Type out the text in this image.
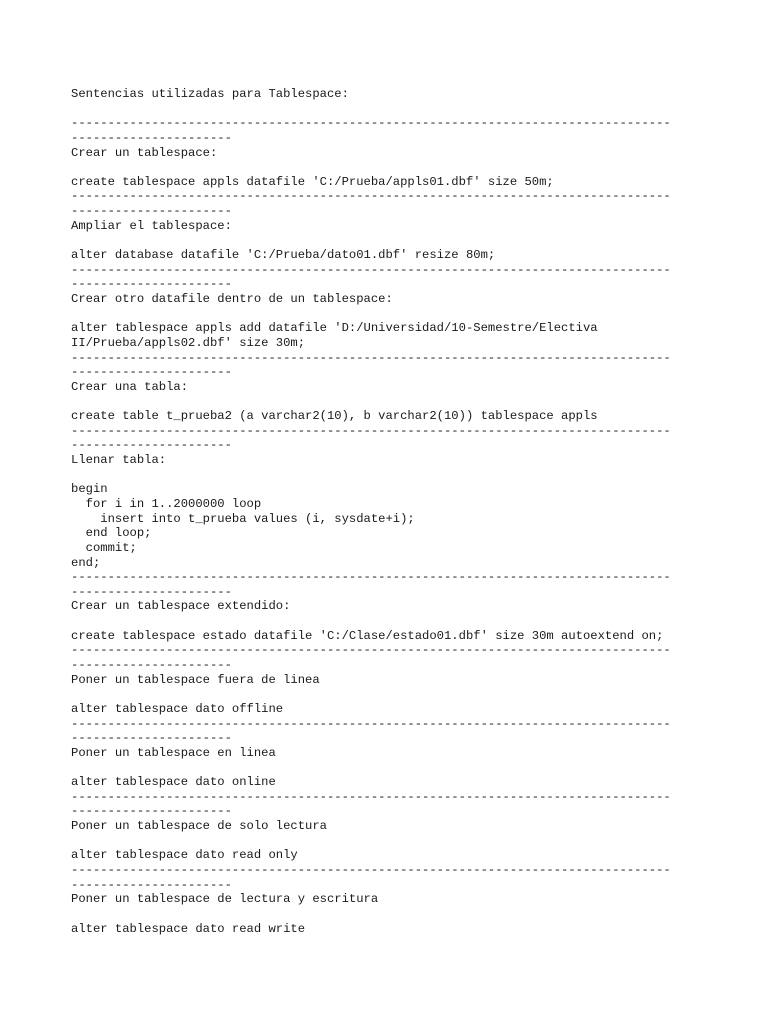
Sentencias utilizadas para Tablespace:
----------------------------------------------------------------------------------
----------------------
Crear un tablespace:
create tablespace appls datafile 'C:/Prueba/appls01.dbf' size 50m;
----------------------------------------------------------------------------------
----------------------
Ampliar el tablespace:
alter database datafile 'C:/Prueba/dato01.dbf' resize 80m;
----------------------------------------------------------------------------------
----------------------
Crear otro datafile dentro de un tablespace:
alter tablespace appls add datafile 'D:/Universidad/10-Semestre/Electiva
II/Prueba/appls02.dbf' size 30m;
----------------------------------------------------------------------------------
----------------------
Crear una tabla:
create table t_prueba2 (a varchar2(10), b varchar2(10)) tablespace appls
----------------------------------------------------------------------------------
----------------------
Llenar tabla:
begin
for i in 1..2000000 loop
insert into t_prueba values (i, sysdate+i);
end loop;
commit;
end;
----------------------------------------------------------------------------------
----------------------
Crear un tablespace extendido:
create tablespace estado datafile 'C:/Clase/estado01.dbf' size 30m autoextend on;
----------------------------------------------------------------------------------
----------------------
Poner un tablespace fuera de linea
alter tablespace dato offline
----------------------------------------------------------------------------------
----------------------
Poner un tablespace en linea
alter tablespace dato online
----------------------------------------------------------------------------------
----------------------
Poner un tablespace de solo lectura
alter tablespace dato read only
----------------------------------------------------------------------------------
----------------------
Poner un tablespace de lectura y escritura
alter tablespace dato read write
